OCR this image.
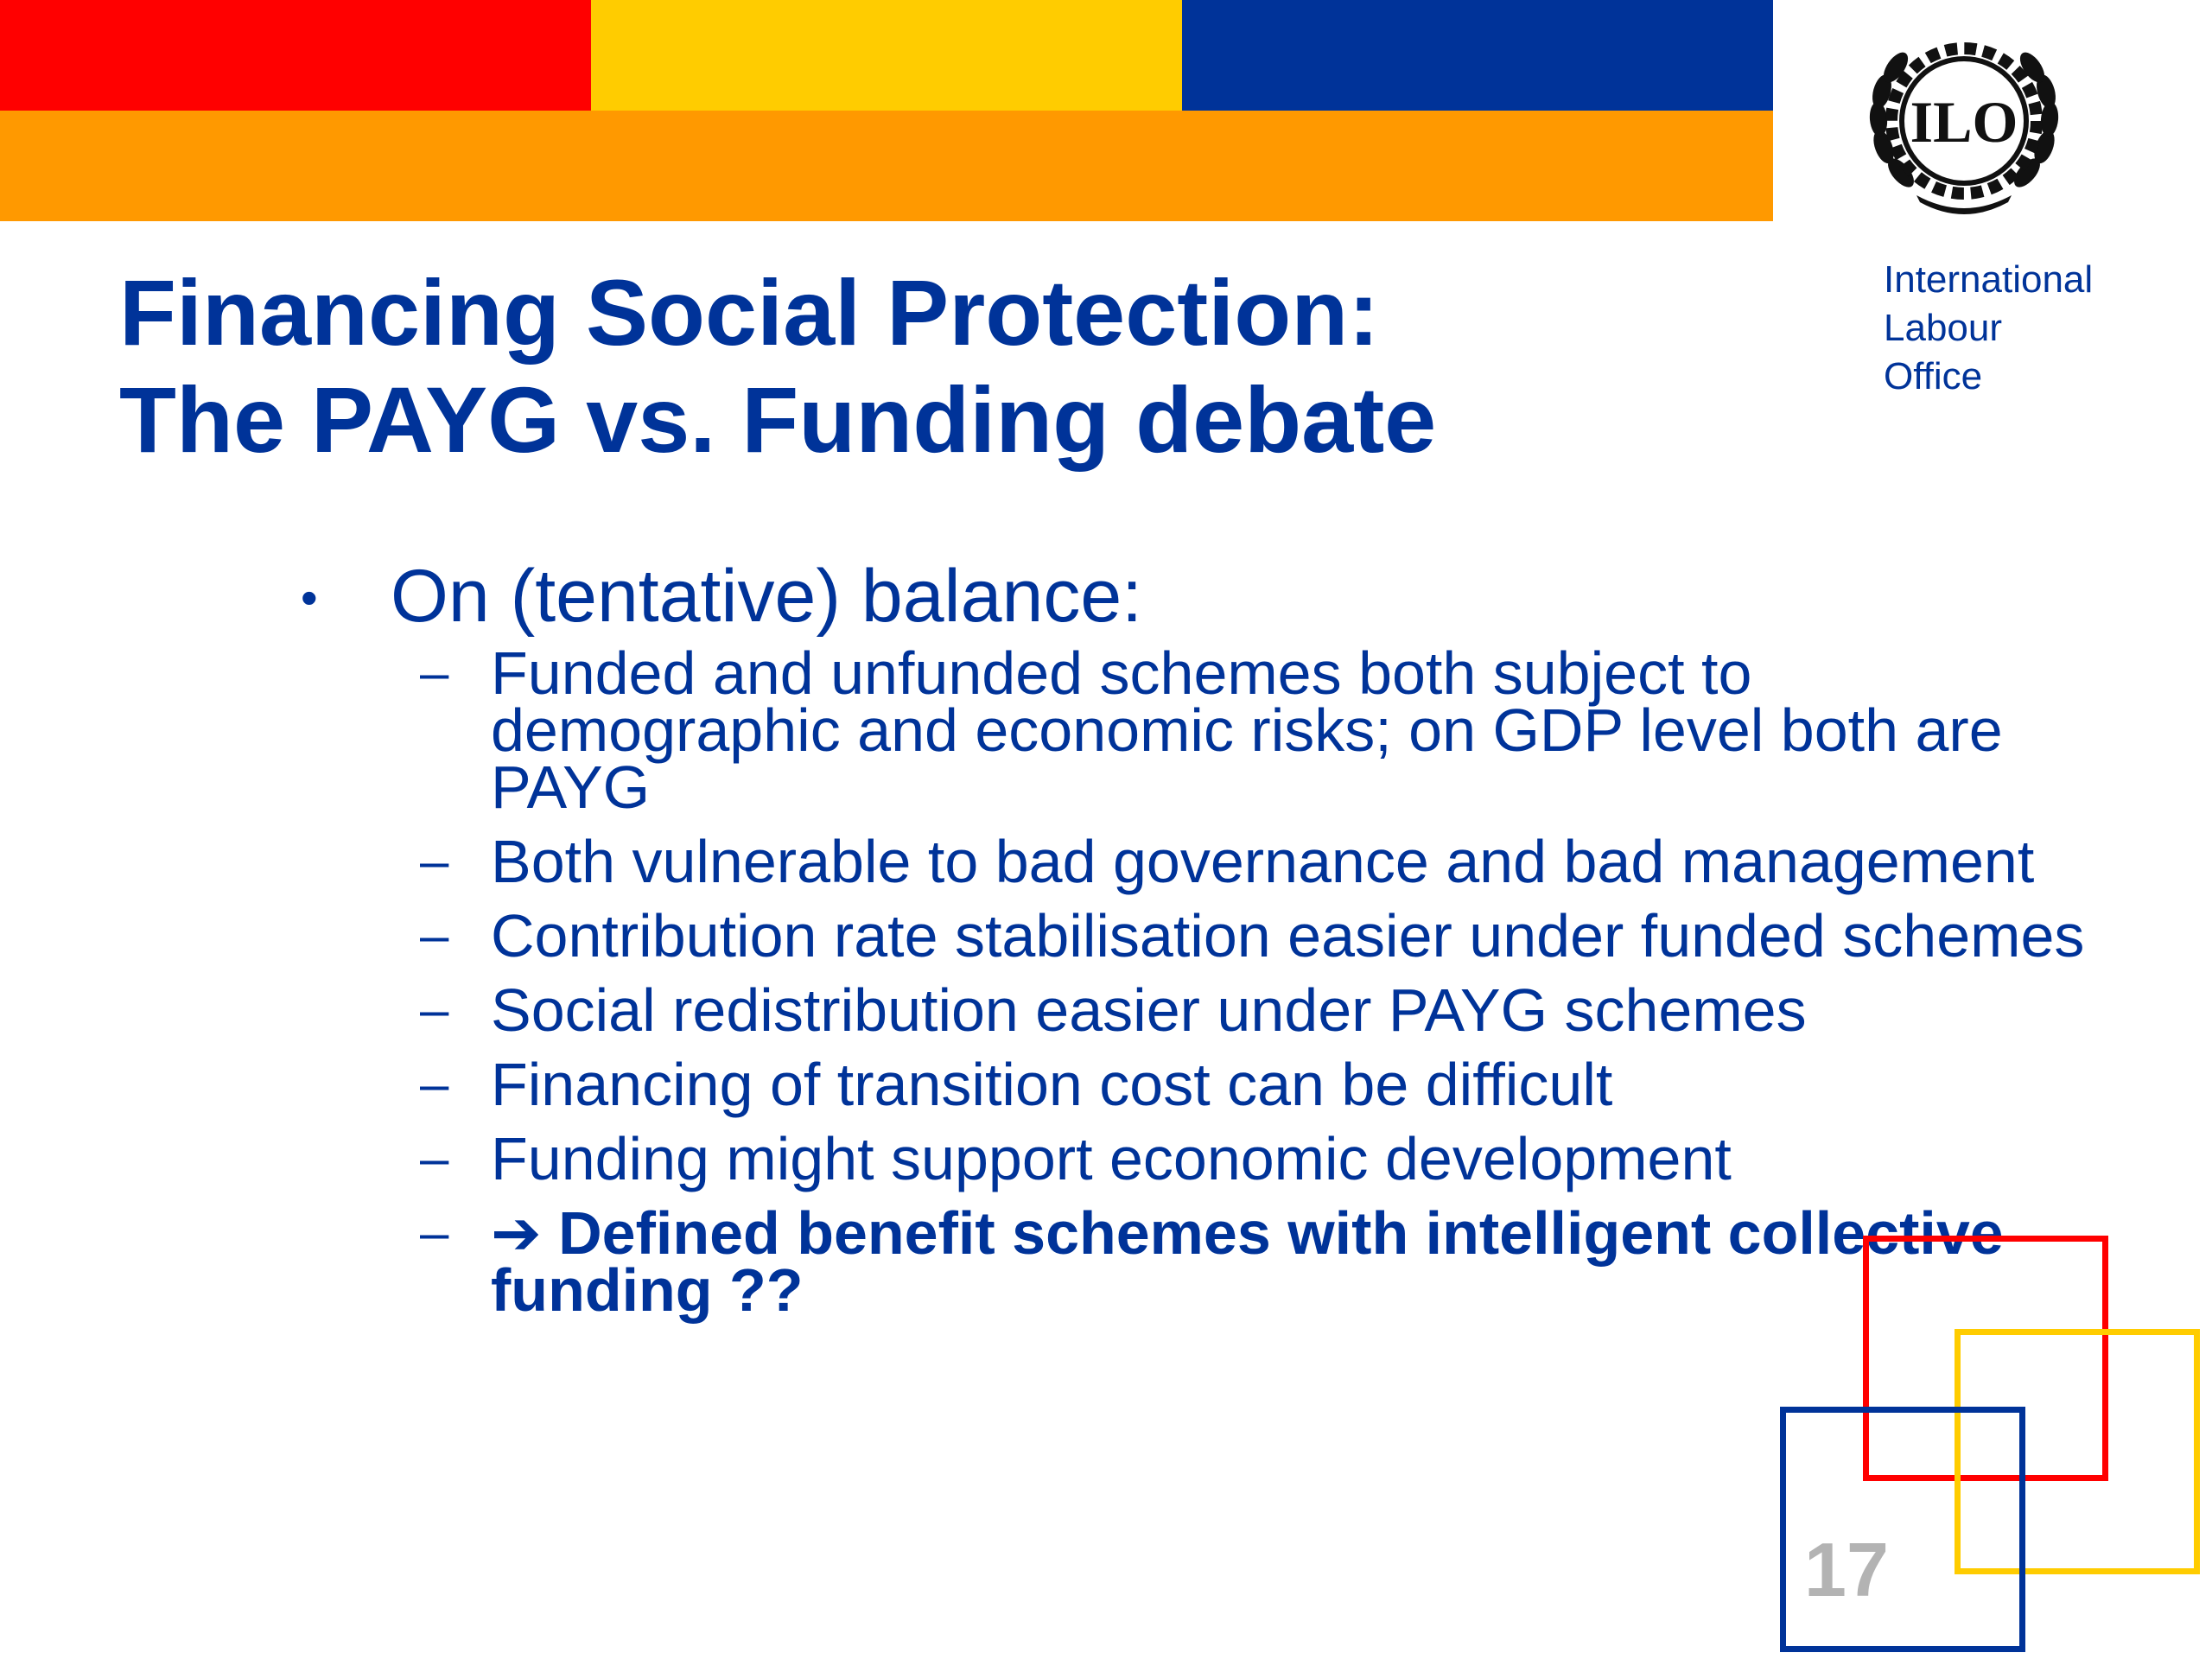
ILO
International
Labour
Office
Financing Social Protection:
The PAYG vs. Funding debate
• On (tentative) balance:
– Funded and unfunded schemes both subject to demographic and economic risks; on GDP level both are PAYG
– Both vulnerable to bad governance and bad management
– Contribution rate stabilisation easier under funded schemes
– Social redistribution easier under PAYG schemes
– Financing of transition cost can be difficult
– Funding might support economic development
– ➔ Defined benefit schemes with intelligent collective funding ??
17
